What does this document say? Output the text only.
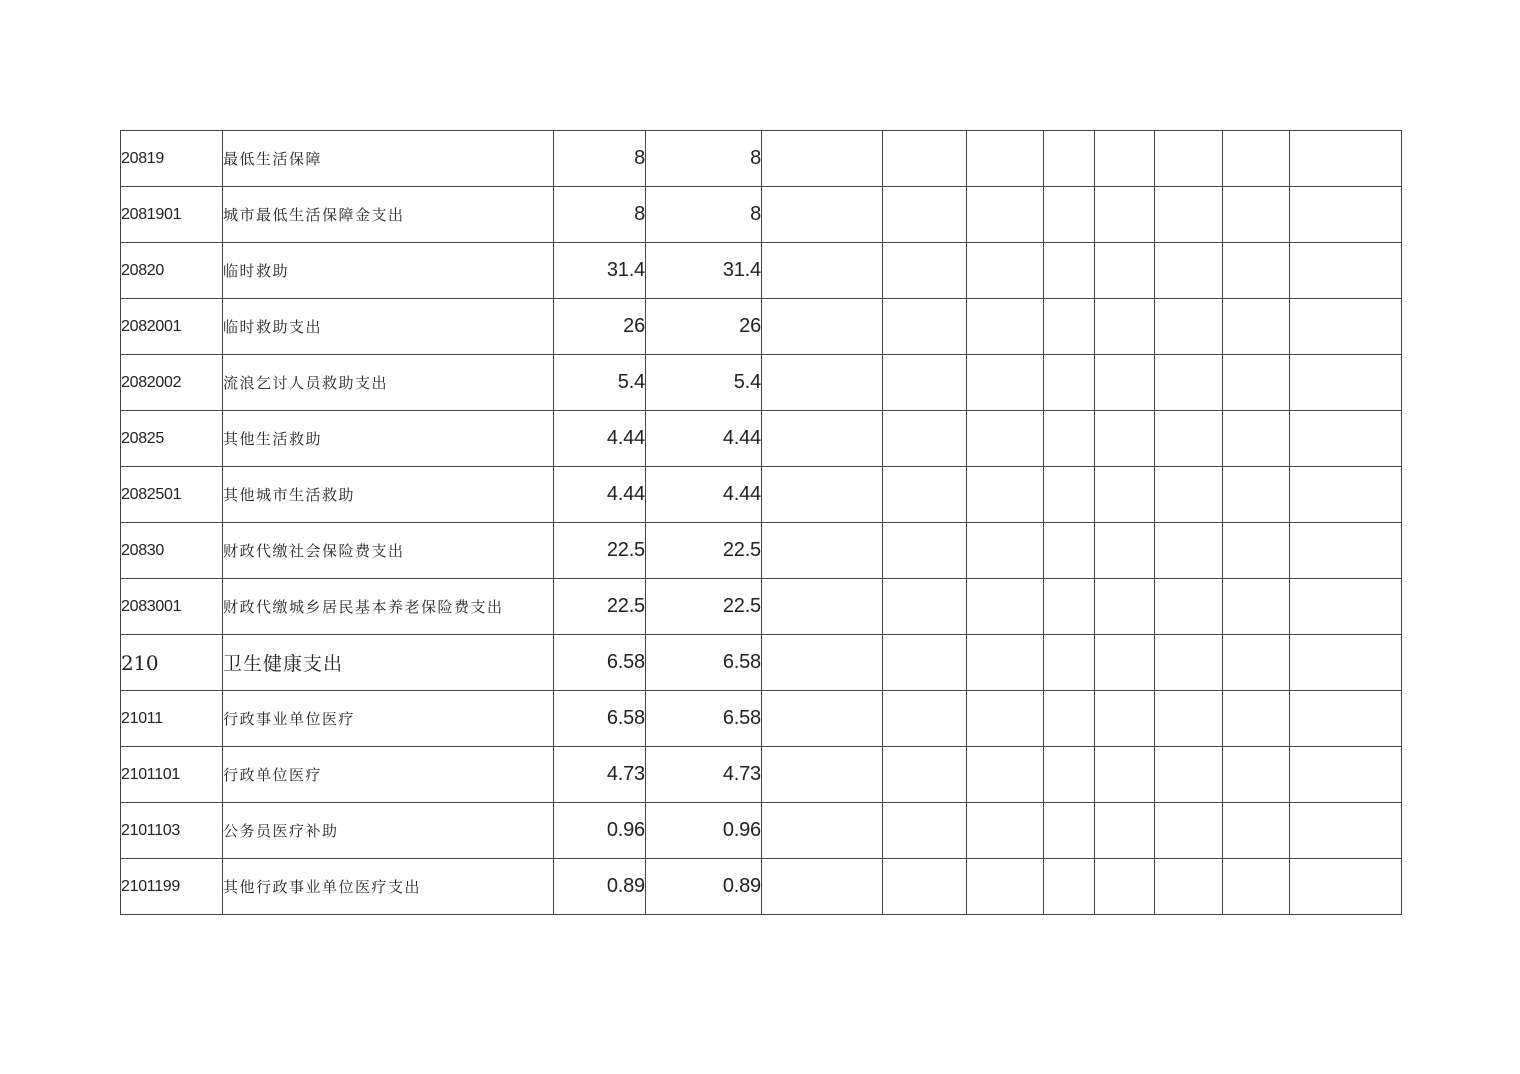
20819	最低生活保障	8	8								
2081901	城市最低生活保障金支出	8	8								
20820	临时救助	31.4	31.4								
2082001	临时救助支出	26	26								
2082002	流浪乞讨人员救助支出	5.4	5.4								
20825	其他生活救助	4.44	4.44								
2082501	其他城市生活救助	4.44	4.44								
20830	财政代缴社会保险费支出	22.5	22.5								
2083001	财政代缴城乡居民基本养老保险费支出	22.5	22.5								
210	卫生健康支出	6.58	6.58								
21011	行政事业单位医疗	6.58	6.58								
2101101	行政单位医疗	4.73	4.73								
2101103	公务员医疗补助	0.96	0.96								
2101199	其他行政事业单位医疗支出	0.89	0.89								
